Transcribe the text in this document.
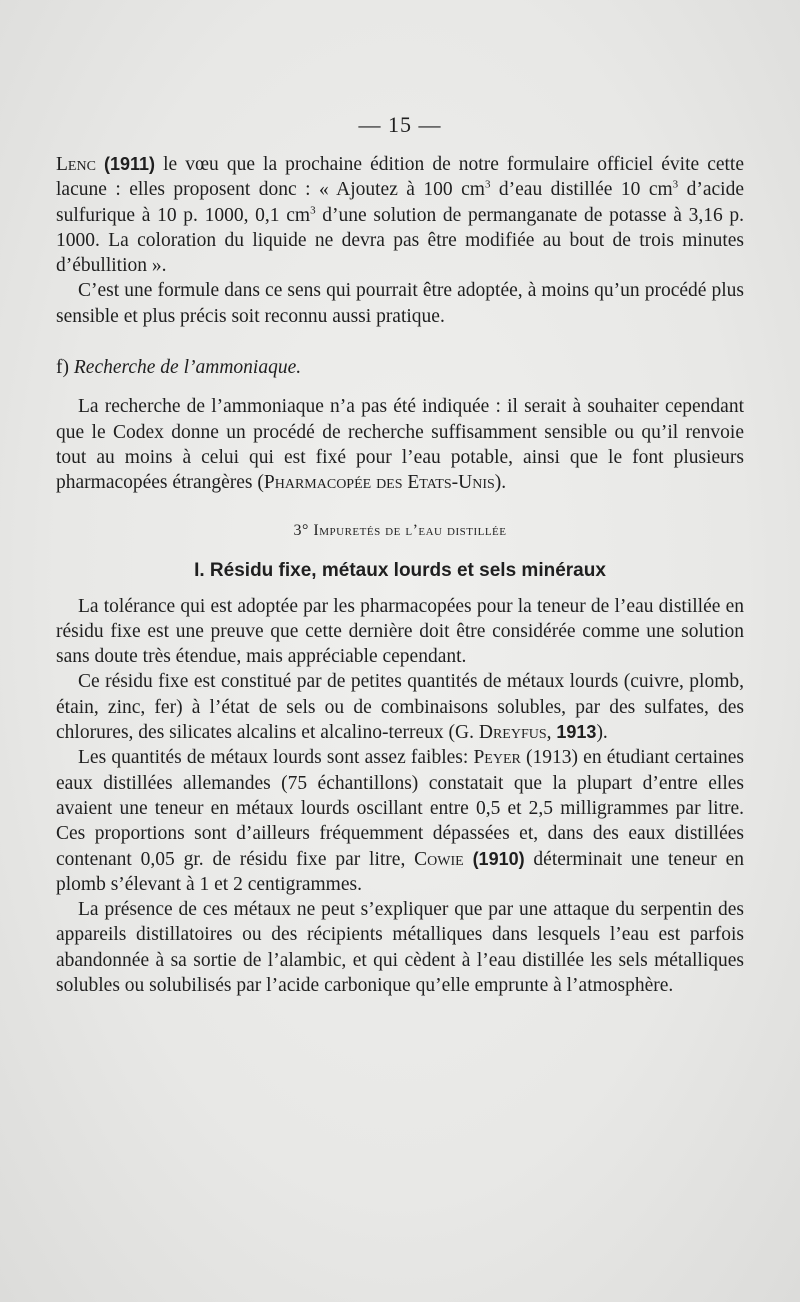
— 15 —

Lenc (1911) le vœu que la prochaine édition de notre formulaire officiel évite cette lacune : elles proposent donc : « Ajoutez à 100 $cm^3$ d’eau distillée 10 $cm^3$ d’acide sulfurique à 10 p. 1000, 0,1 $cm^3$ d’une solution de permanganate de potasse à 3,16 p. 1000. La coloration du liquide ne devra pas être modifiée au bout de trois minutes d’ébullition ».

C’est une formule dans ce sens qui pourrait être adoptée, à moins qu’un procédé plus sensible et plus précis soit reconnu aussi pratique.

f) Recherche de l’ammoniaque.

La recherche de l’ammoniaque n’a pas été indiquée : il serait à souhaiter cependant que le Codex donne un procédé de recherche suffisamment sensible ou qu’il renvoie tout au moins à celui qui est fixé pour l’eau potable, ainsi que le font plusieurs pharmacopées étrangères (Pharmacopée des Etats-Unis).

3° Impuretés de l’eau distillée
I. Résidu fixe, métaux lourds et sels minéraux

La tolérance qui est adoptée par les pharmacopées pour la teneur de l’eau distillée en résidu fixe est une preuve que cette dernière doit être considérée comme une solution sans doute très étendue, mais appréciable cependant.

Ce résidu fixe est constitué par de petites quantités de métaux lourds (cuivre, plomb, étain, zinc, fer) à l’état de sels ou de combinaisons solubles, par des sulfates, des chlorures, des silicates alcalins et alcalino-terreux (G. Dreyfus, 1913).

Les quantités de métaux lourds sont assez faibles: Peyer (1913) en étudiant certaines eaux distillées allemandes (75 échantillons) constatait que la plupart d’entre elles avaient une teneur en métaux lourds oscillant entre 0,5 et 2,5 milligrammes par litre. Ces proportions sont d’ailleurs fréquemment dépassées et, dans des eaux distillées contenant 0,05 gr. de résidu fixe par litre, Cowie (1910) déterminait une teneur en plomb s’élevant à 1 et 2 centigrammes.

La présence de ces métaux ne peut s’expliquer que par une attaque du serpentin des appareils distillatoires ou des récipients métalliques dans lesquels l’eau est parfois abandonnée à sa sortie de l’alambic, et qui cèdent à l’eau distillée les sels métalliques solubles ou solubilisés par l’acide carbonique qu’elle emprunte à l’atmosphère.
